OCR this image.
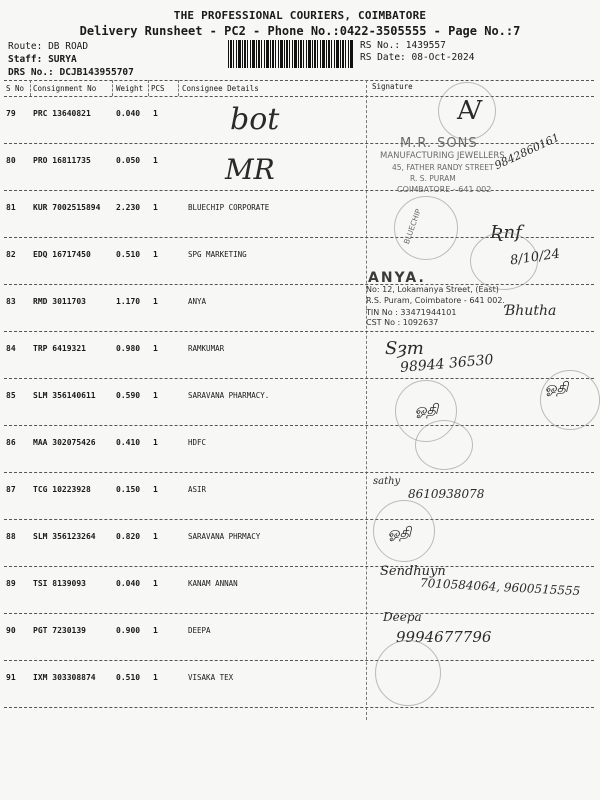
THE PROFESSIONAL COURIERS, COIMBATORE
Delivery Runsheet - PC2 - Phone No.:0422-3505555 - Page No.:7
Route: DB ROAD
Staff: SURYA
DRS No.: DCJB143955707
RS No.: 1439557
RS Date: 08-Oct-2024
S No Consignment No	Weight PCS Consignee Details	Signature
79 PRC 13640821	0.040 1
80 PRO 16811735	0.050 1
81 KUR 7002515894 2.230 1	BLUECHIP CORPORATE
82 EDQ 16717450	0.510 1	SPG MARKETING
83 RMD 3011703	1.170 1	ANYA
84 TRP 6419321	0.980 1	RAMKUMAR
85 SLM 356140611	0.590 1	SARAVANA PHARMACY.
86 MAA 302075426	0.410 1	HDFC
87 TCG 10223928	0.150 1	ASIR
88 SLM 356123264	0.820 1	SARAVANA PHRMACY
89 TSI 8139093	0.040 1	KANAM ANNAN
90 PGT 7230139	0.900 1	DEEPA
91 IXM 303308874	0.510 1	VISAKA TEX
bot	Ꜹ
MR
M.R. SONS
MANUFACTURING JEWELLERS
45, FATHER RANDY STREET
R. S. PURAM
COIMBATORE - 641 002
9842860161
BLUECHIP	Ʀnf
8/10/24
ANYA.
No: 12, Lokamanya Street, (East)
R.S. Puram, Coimbatore - 641 002.
TIN No : 33471944101
CST No : 1092637
Ɓhutha
Sȝm
98944 36530
ஓதி
ஓதி
sathy
8610938078
ஓதி
Sendhuyn
7010584064, 9600515555
Deepa
9994677796
